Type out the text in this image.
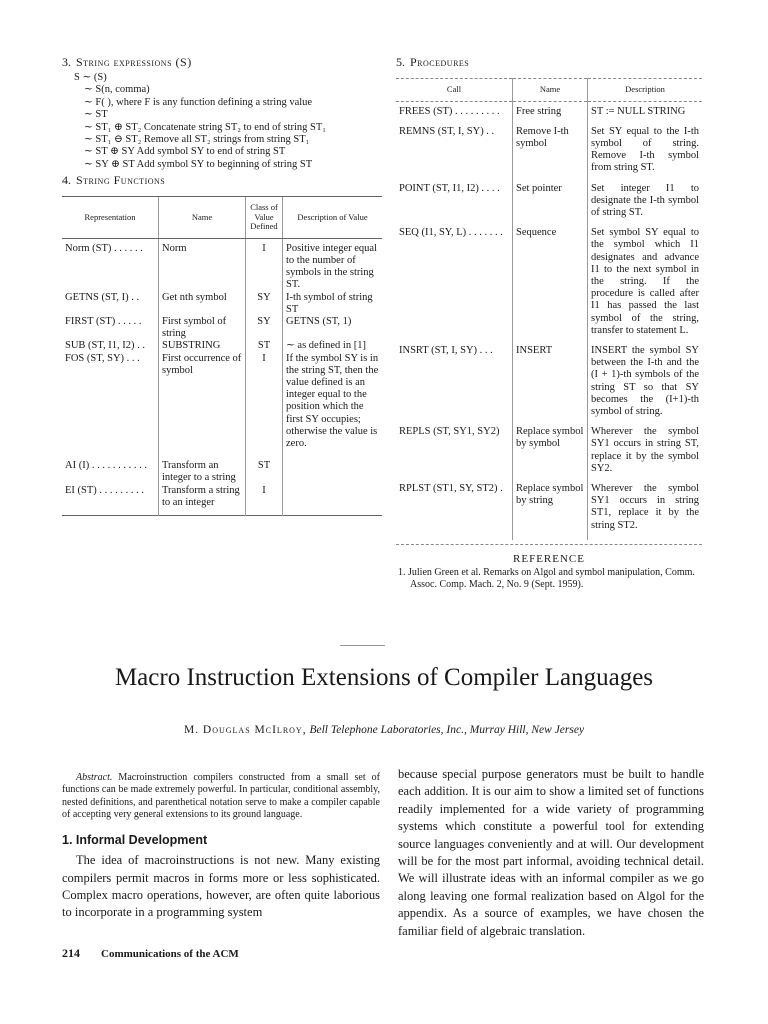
3. String expressions (S)
S ∼ (S)
∼ S(n, comma)
∼ F( ), where F is any function defining a string value
∼ ST
∼ ST₁ ⊕ ST₂ Concatenate string ST₂ to end of string ST₁
∼ ST₁ ⊖ ST₂ Remove all ST₂ strings from string ST₁
∼ ST ⊕ SY Add symbol SY to end of string ST
∼ SY ⊕ ST Add symbol SY to beginning of string ST
4. String Functions
Representation	Name	Class of Value Defined	Description of Value
Norm (ST) . . . . . .	Norm	I	Positive integer equal to the number of symbols in the string ST.
GETNS (ST, I) . .	Get nth symbol	SY	I-th symbol of string ST
FIRST (ST) . . . . .	First symbol of string	SY	GETNS (ST, 1)
SUB (ST, I1, I2) . .	SUBSTRING	ST	∼ as defined in [1]
FOS (ST, SY) . . .	First occurrence of symbol	I	If the symbol SY is in the string ST, then the value defined is an integer equal to the position which the first SY occupies; otherwise the value is zero.
AI (I) . . . . . . . . . . .	Transform an integer to a string	ST	
EI (ST) . . . . . . . . .	Transform a string to an integer	I	
5. Procedures
Call	Name	Description
FREES (ST) . . . . . . . . .	Free string	ST := NULL STRING
REMNS (ST, I, SY) . .	Remove I-th symbol	Set SY equal to the I-th symbol of string. Remove I-th symbol from string ST.
POINT (ST, I1, I2) . . . .	Set pointer	Set integer I1 to designate the I-th symbol of string ST.
SEQ (I1, SY, L) . . . . . . .	Sequence	Set symbol SY equal to the symbol which I1 designates and advance I1 to the next symbol in the string. If the procedure is called after I1 has passed the last symbol of the string, transfer to statement L.
INSRT (ST, I, SY) . . .	INSERT	INSERT the symbol SY between the I-th and the (I + 1)-th symbols of the string ST so that SY becomes the (I+1)-th symbol of string.
REPLS (ST, SY1, SY2)	Replace symbol by symbol	Wherever the symbol SY1 occurs in string ST, replace it by the symbol SY2.
RPLST (ST1, SY, ST2) .	Replace symbol by string	Wherever the symbol SY1 occurs in string ST1, replace it by the string ST2.
REFERENCE
1. Julien Green et al. Remarks on Algol and symbol manipulation, Comm. Assoc. Comp. Mach. 2, No. 9 (Sept. 1959).
Macro Instruction Extensions of Compiler Languages
M. Douglas McIlroy, Bell Telephone Laboratories, Inc., Murray Hill, New Jersey

Abstract. Macroinstruction compilers constructed from a small set of functions can be made extremely powerful. In particular, conditional assembly, nested definitions, and parenthetical notation serve to make a compiler capable of accepting very general extensions to its ground language.

1. Informal Development

The idea of macroinstructions is not new. Many existing compilers permit macros in forms more or less sophisticated. Complex macro operations, however, are often quite laborious to incorporate in a programming system

because special purpose generators must be built to handle each addition. It is our aim to show a limited set of functions readily implemented for a wide variety of programming systems which constitute a powerful tool for extending source languages conveniently and at will. Our development will be for the most part informal, avoiding technical detail. We will illustrate ideas with an informal compiler as we go along leaving one formal realization based on Algol for the appendix. As a source of examples, we have chosen the familiar field of algebraic translation.

214 Communications of the ACM
